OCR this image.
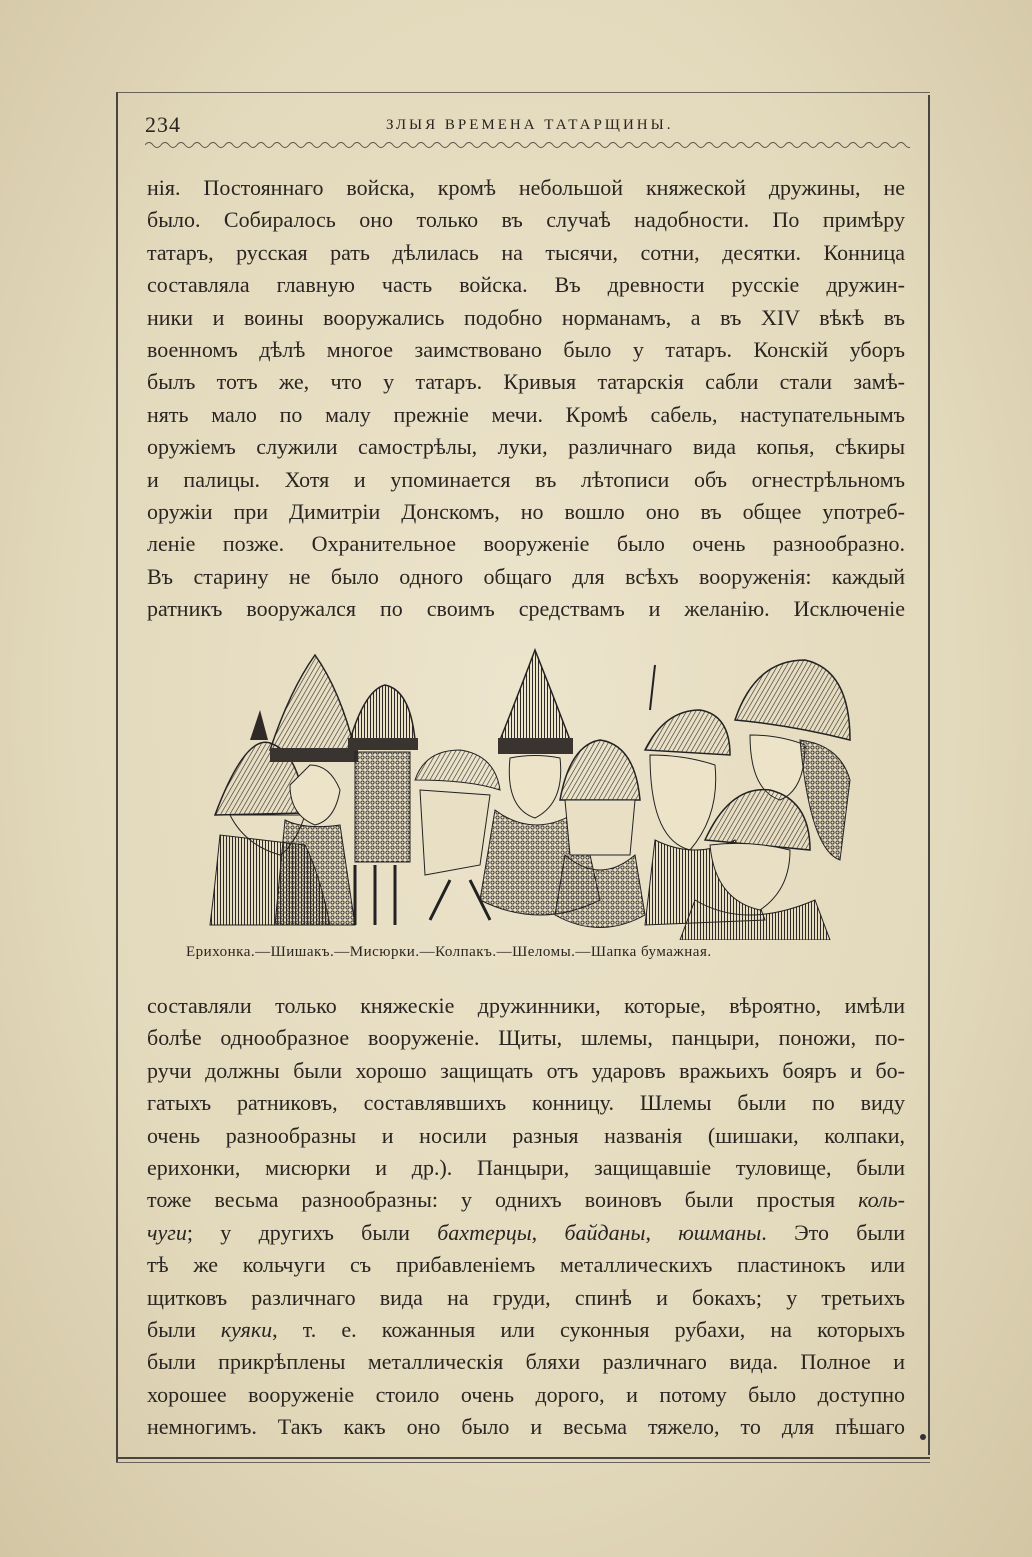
234	ЗЛЫЯ ВРЕМЕНА ТАТАРЩИНЫ.
нія. Постояннаго войска, кромѣ небольшой княжеской дружины, не
было. Собиралось оно только въ случаѣ надобности. По примѣру
татаръ, русская рать дѣлилась на тысячи, сотни, десятки. Конница
составляла главную часть войска. Въ древности русскіе дружин-
ники и воины вооружались подобно норманамъ, а въ XIV вѣкѣ въ
военномъ дѣлѣ многое заимствовано было у татаръ. Конскій уборъ
былъ тотъ же, что у татаръ. Кривыя татарскія сабли стали замѣ-
нять мало по малу прежніе мечи. Кромѣ сабель, наступательнымъ
оружіемъ служили самострѣлы, луки, различнаго вида копья, сѣкиры
и палицы. Хотя и упоминается въ лѣтописи объ огнестрѣльномъ
оружіи при Димитріи Донскомъ, но вошло оно въ общее употреб-
леніе позже. Охранительное вооруженіе было очень разнообразно.
Въ старину не было одного общаго для всѣхъ вооруженія: каждый
ратникъ вооружался по своимъ средствамъ и желанію. Исключеніе
Ерихонка.—Шишакъ.—Мисюрки.—Колпакъ.—Шеломы.—Шапка бумажная.
составляли только княжескіе дружинники, которые, вѣроятно, имѣли
болѣе однообразное вооруженіе. Щиты, шлемы, панцыри, поножи, по-
ручи должны были хорошо защищать отъ ударовъ вражьихъ бояръ и бо-
гатыхъ ратниковъ, составлявшихъ конницу. Шлемы были по виду
очень разнообразны и носили разныя названія (шишаки, колпаки,
ерихонки, мисюрки и др.). Панцыри, защищавшіе туловище, были
тоже весьма разнообразны: у однихъ воиновъ были простыя коль-
чуги; у другихъ были бахтерцы, байданы, юшманы. Это были
тѣ же кольчуги съ прибавленіемъ металлическихъ пластинокъ или
щитковъ различнаго вида на груди, спинѣ и бокахъ; у третьихъ
были куяки, т. е. кожанныя или суконныя рубахи, на которыхъ
были прикрѣплены металлическія бляхи различнаго вида. Полное и
хорошее вооруженіе стоило очень дорого, и потому было доступно
немногимъ. Такъ какъ оно было и весьма тяжело, то для пѣшаго
